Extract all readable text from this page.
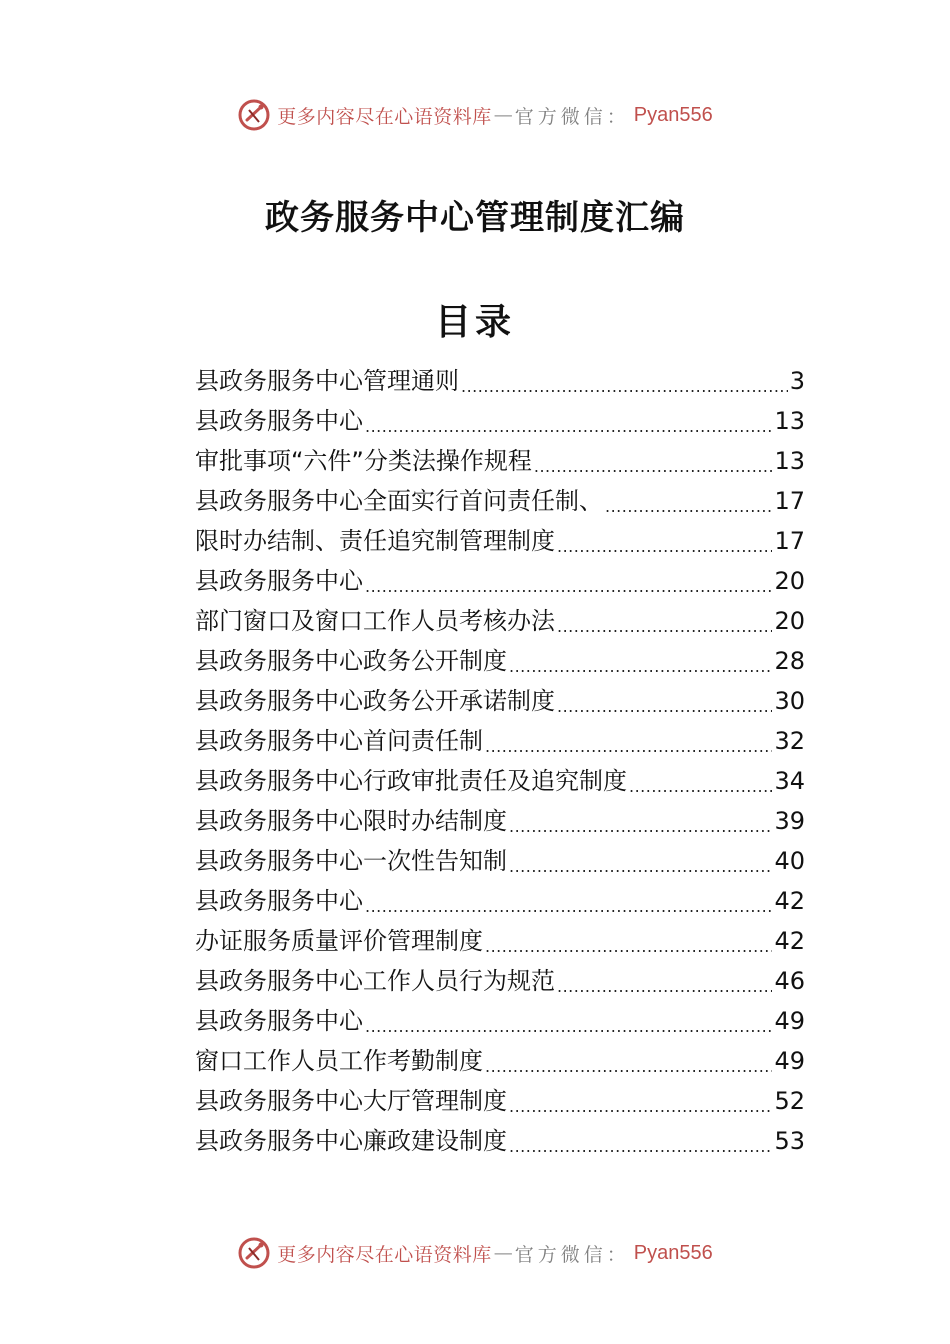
更多内容尽在心语资料库 — 官方微信： Pyan556
政务服务中心管理制度汇编
目录
县政务服务中心管理通则 .....	3
县政务服务中心 .....	13
审批事项“六件”分类法操作规程 .....	13
县政务服务中心全面实行首问责任制、 .....	17
限时办结制、责任追究制管理制度 .....	17
县政务服务中心 .....	20
部门窗口及窗口工作人员考核办法 .....	20
县政务服务中心政务公开制度 .....	28
县政务服务中心政务公开承诺制度 .....	30
县政务服务中心首问责任制 .....	32
县政务服务中心行政审批责任及追究制度 .....	34
县政务服务中心限时办结制度 .....	39
县政务服务中心一次性告知制 .....	40
县政务服务中心 .....	42
办证服务质量评价管理制度 .....	42
县政务服务中心工作人员行为规范 .....	46
县政务服务中心 .....	49
窗口工作人员工作考勤制度 .....	49
县政务服务中心大厅管理制度 .....	52
县政务服务中心廉政建设制度 .....	53
更多内容尽在心语资料库 — 官方微信： Pyan556
